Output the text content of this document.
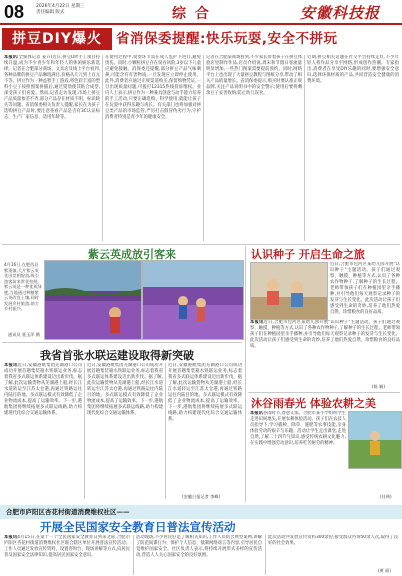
08	2026年4月22日 星期三
责任编辑 版式	综 合	安徽科技报
拼豆DIY爆火	省消保委提醒:快乐玩耍,安全不拼玩
本报讯(全媒体记者 姜卉)近日,拼豆DIY手工项目持续升温,成为不少青少年和年轻人的休闲娱乐新选择。记者在合肥部分商场、文具店及线上平台看到,各种品牌的拼豆产品琳琅满目,价格从几元到上百元不等。拼豆作为一种益智手工游戏,将色彩丰富的塑料小豆子按照图案拼插后,通过熨烫使其粘合成型,深受孩子们喜爱。然而,记者走访发现,市场上拼豆产品质量参差不齐,部分产品存在材质不明、标识缺失等问题。省消保委相关负责人提醒,家长在为孩子选购拼豆产品时,要注意查看产品是否有3C认证标志、生产厂家信息、适用年龄等。
在使用过程中,熨烫环节需在成人监护下进行,避免烫伤。同时,小颗粒拼豆存在误吞风险,3岁以下儿童应避免接触。消保委还提醒,部分拼豆产品气味刺鼻,可能含有有害物质,一旦发现应立即停止使用。此外,消费者应通过正规渠道购买,保留购物凭证,一旦出现质量问题,可拨打12315热线投诉维权。业内人士表示,拼豆作为一种兼具创意与动手能力培养的手工活动,只要正确选购、科学使用,就能让孩子在玩耍中获得乐趣与成长。有关部门也将加强对拼豆类产品的市场监管,严厉打击假冒伪劣行为,守护消费者特别是青少年的健康安全。
记者在合肥某商场看到,不少家长带着孩子在拼豆体验店里制作作品,店员介绍说,周末和节假日客流量明显增加,一些热门图案需要提前预约。同时,网络平台上也出现了大量拼豆教程与图纸分享,带动了相关产品销量增长。省消保委提示,购买时要认准正规品牌,关注产品说明书中的安全警示;使用后要将剩余豆子妥善收纳,防止幼儿误食。
近期,拼豆相关话题在社交平台持续走红,不少年轻人将作品分享至网络,形成创作热潮。专家指出,消费者在享受DIY乐趣的同时,要增强安全意识,选择环保材质的产品,共同营造安全健康的消费环境。
紫云英成放引客来
4月16日,在肥西县紫蓬镇,大片紫云英花田竞相绽放,吸引游客前来赏花拍照。紫云英是一种优质绿肥,当地通过种植紫云英改良土壤,同时发展乡村旅游,助力乡村振兴。
通讯员 聂玉萍 摄
认识种子 开启生命之旅
近日,合肥市包河区某幼儿园开展"认识种子"主题活动。孩子们通过观察、触摸、种植等方式,认识了各种农作物种子,了解种子的生长过程。老师带领孩子们在种植园里亲手播种,并引导他们每天观察记录种子的发芽与生长变化。此次活动让孩子们感受到生命的奇妙,培养了他们热爱自然、珍惜粮食的良好品质。
本报讯近日,合肥市包河区某幼儿园开展"认识种子"主题活动。孩子们通过观察、触摸、种植等方式,认识了各种农作物种子,了解种子的生长过程。老师带领孩子们在种植园里亲手播种,并引导他们每天观察记录种子的发芽与生长变化。此次活动让孩子们感受到生命的奇妙,培养了他们热爱自然、珍惜粮食的良好品质。
(陈 颖)
沐谷雨春光 体验农耕之美
本报讯谷雨时节,春意正浓。合肥市某小学组织学生走进田间地头,开展农耕体验活动。孩子们在农技人员指导下,学习插秧、除草、施肥等农事技能,亲身体验劳动的艰辛与乐趣。活动让学生走出课堂,走进自然,了解二十四节气知识,感受传统农耕文化魅力,在实践中增强劳动意识,培养吃苦耐劳的精神。
(任林)
我省首张水联运建设取得新突破
本报讯近日,安徽港航集团芜湖港口公司成功开展首趟集装箱水铁联运业务,标志着我省多式联运体系建设迈出新步伐。据了解,此次运输货物从芜湖港上船,经长江水道转运至江苏太仓港,再通过铁路运往内陆目的地。多式联运模式有效降低了企业物流成本,提高了运输效率。下一步,港航集团将继续拓展多式联运线路,助力构建现代化综合交通运输体系。
近日,安徽港航集团芜湖港口公司成功开展首趟集装箱水铁联运业务,标志着我省多式联运体系建设迈出新步伐。据了解,此次运输货物从芜湖港上船,经长江水道转运至江苏太仓港,再通过铁路运往内陆目的地。多式联运模式有效降低了企业物流成本,提高了运输效率。下一步,港航集团将继续拓展多式联运线路,助力构建现代化综合交通运输体系。
近日,安徽港航集团芜湖港口公司成功开展首趟集装箱水铁联运业务,标志着我省多式联运体系建设迈出新步伐。据了解,此次运输货物从芜湖港上船,经长江水道转运至江苏太仓港,再通过铁路运往内陆目的地。多式联运模式有效降低了企业物流成本,提高了运输效率。下一步,港航集团将继续拓展多式联运线路,助力构建现代化综合交通运输体系。
(安徽日报记者 李峰)
合肥市庐阳区杏花村街道消费维权社区——
开展全民国家安全教育日普法宣传活动
本报讯4月15日,在第十一个全民国家安全教育日到来之际,合肥市庐阳区杏花村街道消费维权社区联合辖区单位开展普法宣传活动。工作人员通过发放宣传资料、设置咨询台、现场讲解等方式,向居民普及国家安全法律知识,提高居民国家安全意识。
活动现场,不少居民驻足了解相关知识,工作人员结合典型案例,讲解了防范间谍行为、保护个人信息、抵制网络谣言等内容,引导居民自觉维护国家安全。社区负责人表示,将持续开展形式多样的宣传活动,营造人人关心国家安全的良好氛围。
此次活动共发放宣传资料300余份,接受群众咨询50余人次,取得了良好的社会效果。
(黄 丽)
